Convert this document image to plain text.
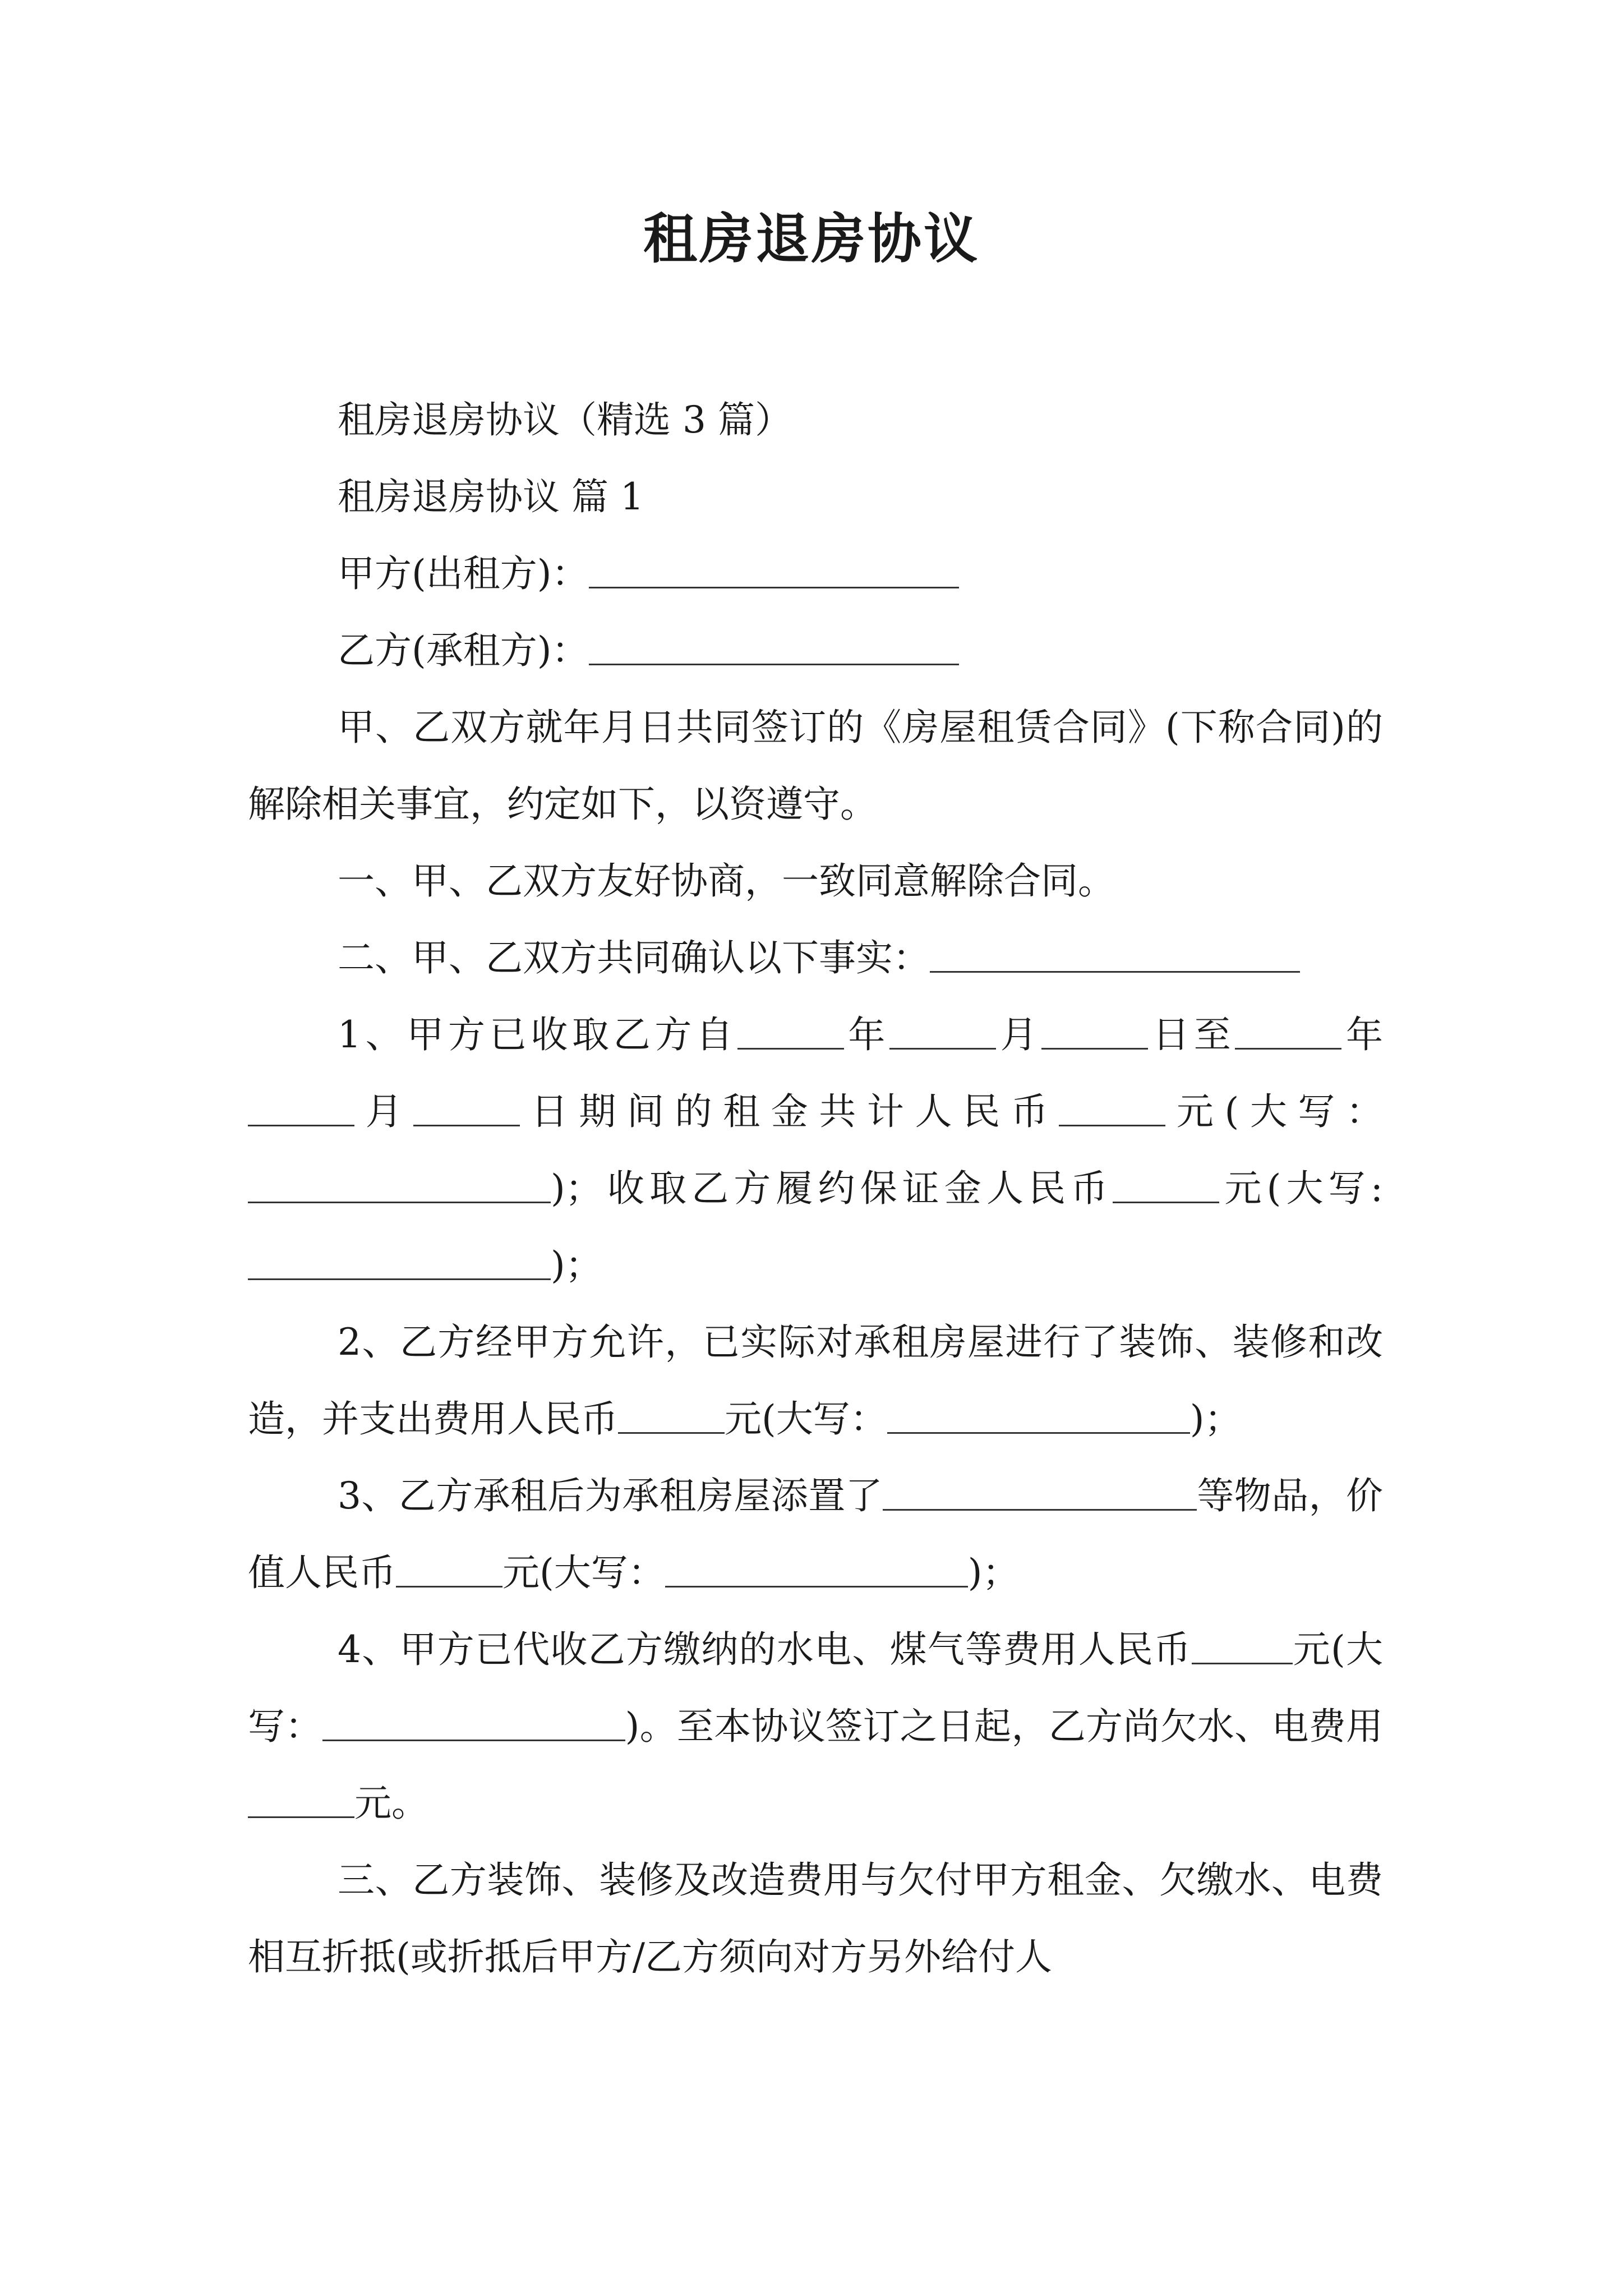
租房退房协议

租房退房协议（精选 3 篇）

租房退房协议 篇 1

甲方(出租方)：

乙方(承租方)：

甲、乙双方就年月日共同签订的《房屋租赁合同》(下称合同)的解除相关事宜，约定如下，以资遵守。

一、甲、乙双方友好协商，一致同意解除合同。

二、甲、乙双方共同确认以下事实：

1、甲方已收取乙方自	年	月	日至	年月	日期间的租金共计人民币	元(大写：)；收取乙方履约保证金人民币	元(大写:)；

2、乙方经甲方允许，已实际对承租房屋进行了装饰、装修和改造，并支出费用人民币	元(大写：	)；

3、乙方承租后为承租房屋添置了	等物品，价值人民币	元(大写：	)；

4、甲方已代收乙方缴纳的水电、煤气等费用人民币	元(大写：	)。至本协议签订之日起，乙方尚欠水、电费用元。

三、乙方装饰、装修及改造费用与欠付甲方租金、欠缴水、电费相互折抵(或折抵后甲方/乙方须向对方另外给付人
